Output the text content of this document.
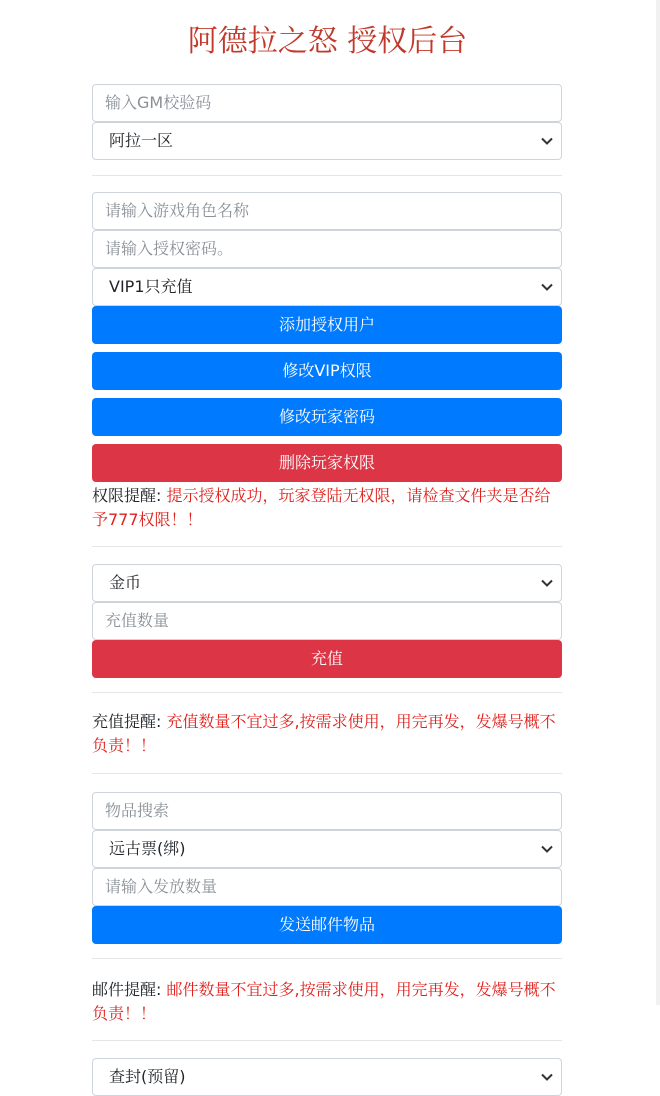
阿德拉之怒 授权后台
输入GM校验码
阿拉一区
请输入游戏角色名称
请输入授权密码。
VIP1只充值
添加授权用户
修改VIP权限
修改玩家密码
删除玩家权限
权限提醒: 提示授权成功，玩家登陆无权限，请检查文件夹是否给予777权限！！
金币
充值数量
充值
充值提醒: 充值数量不宜过多,按需求使用，用完再发，发爆号概不负责！！
物品搜索
远古票(绑)
请输入发放数量
发送邮件物品
邮件提醒: 邮件数量不宜过多,按需求使用，用完再发，发爆号概不负责！！
查封(预留)
